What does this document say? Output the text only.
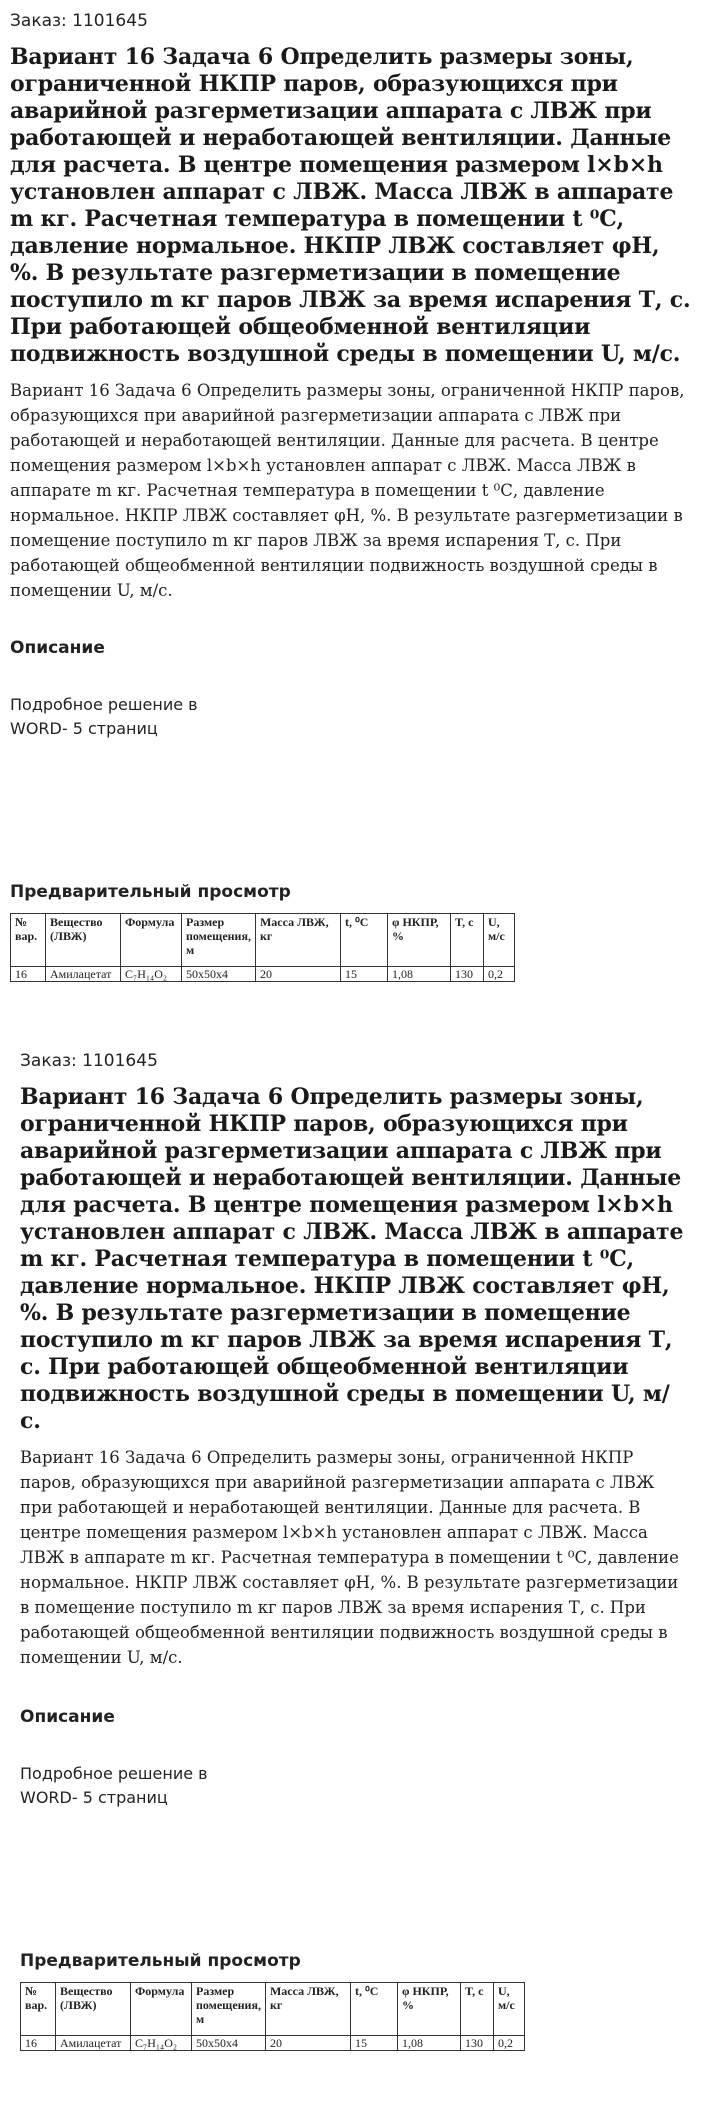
Заказ: 1101645
Вариант 16 Задача 6 Определить размеры зоны, ограниченной НКПР паров, образующихся при аварийной разгерметизации аппарата с ЛВЖ при работающей и неработающей вентиляции. Данные для расчета. В центре помещения размером l×b×h установлен аппарат с ЛВЖ. Масса ЛВЖ в аппарате m кг. Расчетная температура в помещении t ⁰С, давление нормальное. НКПР ЛВЖ составляет φН, %. В результате разгерметизации в помещение поступило m кг паров ЛВЖ за время испарения Т, с. При работающей общеобменной вентиляции подвижность воздушной среды в помещении U, м/с.
Вариант 16 Задача 6 Определить размеры зоны, ограниченной НКПР паров, образующихся при аварийной разгерметизации аппарата с ЛВЖ при работающей и неработающей вентиляции. Данные для расчета. В центре помещения размером l×b×h установлен аппарат с ЛВЖ. Масса ЛВЖ в аппарате m кг. Расчетная температура в помещении t ⁰С, давление нормальное. НКПР ЛВЖ составляет φН, %. В результате разгерметизации в помещение поступило m кг паров ЛВЖ за время испарения Т, с. При работающей общеобменной вентиляции подвижность воздушной среды в помещении U, м/с.
Описание
Подробное решение в
WORD- 5 страниц
Предварительный просмотр
№ вар.	Вещество (ЛВЖ)	Формула	Размер помещения, м	Масса ЛВЖ, кг	t, ⁰С	φ НКПР, %	T, с	U, м/с
16	Амилацетат	C₇H₁₄O₂	50х50х4	20	15	1,08	130	0,2
Заказ: 1101645
Вариант 16 Задача 6 Определить размеры зоны, ограниченной НКПР паров, образующихся при аварийной разгерметизации аппарата с ЛВЖ при работающей и неработающей вентиляции. Данные для расчета. В центре помещения размером l×b×h установлен аппарат с ЛВЖ. Масса ЛВЖ в аппарате m кг. Расчетная температура в помещении t ⁰С, давление нормальное. НКПР ЛВЖ составляет φН, %. В результате разгерметизации в помещение поступило m кг паров ЛВЖ за время испарения Т, с. При работающей общеобменной вентиляции подвижность воздушной среды в помещении U, м/с.
Вариант 16 Задача 6 Определить размеры зоны, ограниченной НКПР паров, образующихся при аварийной разгерметизации аппарата с ЛВЖ при работающей и неработающей вентиляции. Данные для расчета. В центре помещения размером l×b×h установлен аппарат с ЛВЖ. Масса ЛВЖ в аппарате m кг. Расчетная температура в помещении t ⁰С, давление нормальное. НКПР ЛВЖ составляет φН, %. В результате разгерметизации в помещение поступило m кг паров ЛВЖ за время испарения Т, с. При работающей общеобменной вентиляции подвижность воздушной среды в помещении U, м/с.
Описание
Подробное решение в
WORD- 5 страниц
Предварительный просмотр
№ вар.	Вещество (ЛВЖ)	Формула	Размер помещения, м	Масса ЛВЖ, кг	t, ⁰С	φ НКПР, %	T, с	U, м/с
16	Амилацетат	C₇H₁₄O₂	50х50х4	20	15	1,08	130	0,2
